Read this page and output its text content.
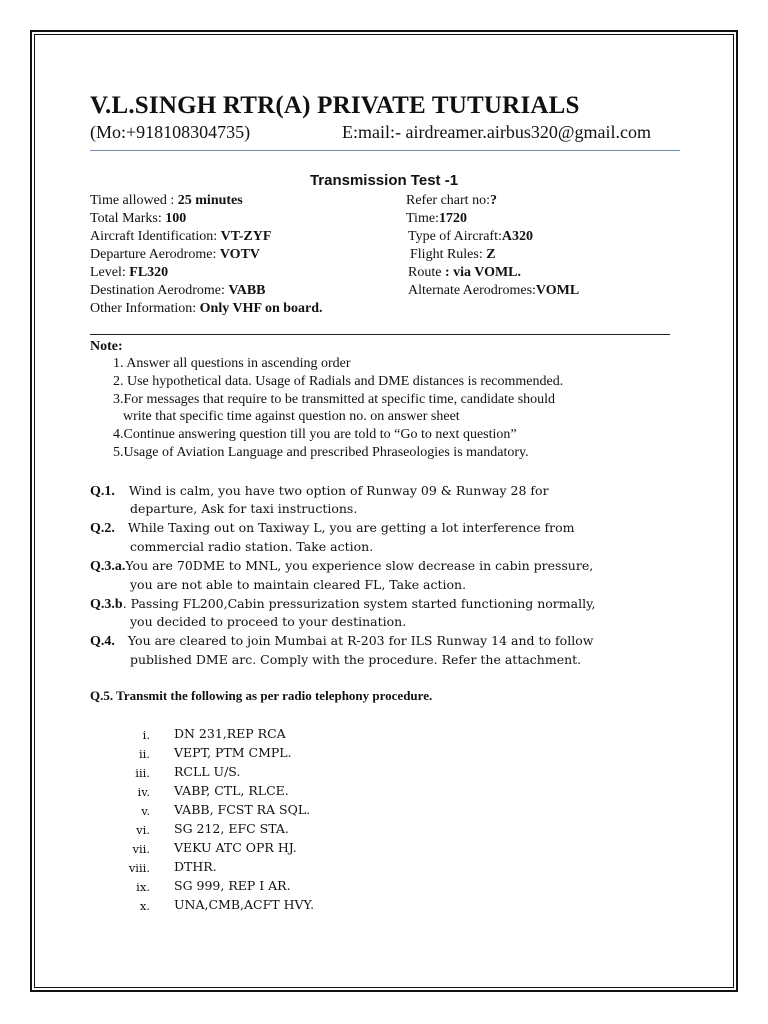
V.L.SINGH RTR(A) PRIVATE TUTURIALS
(Mo:+918108304735)	E:mail:- airdreamer.airbus320@gmail.com
Transmission Test -1
Time allowed : 25 minutes
Total Marks: 100
Aircraft Identification: VT-ZYF
Departure Aerodrome: VOTV
Level: FL320
Destination Aerodrome: VABB
Other Information: Only VHF on board.
Refer chart no:?
Time:1720
Type of Aircraft:A320
Flight Rules: Z
Route : via VOML.
Alternate Aerodromes:VOML
Note:
1. Answer all questions in ascending order
2. Use hypothetical data. Usage of Radials and DME distances is recommended.
3.For messages that require to be transmitted at specific time, candidate should
write that specific time against question no. on answer sheet
4.Continue answering question till you are told to “Go to next question”
5.Usage of Aviation Language and prescribed Phraseologies is mandatory.
Q.1. Wind is calm, you have two option of Runway 09 & Runway 28 for
departure, Ask for taxi instructions.
Q.2. While Taxing out on Taxiway L, you are getting a lot interference from
commercial radio station. Take action.
Q.3.a.You are 70DME to MNL, you experience slow decrease in cabin pressure,
you are not able to maintain cleared FL, Take action.
Q.3.b. Passing FL200,Cabin pressurization system started functioning normally,
you decided to proceed to your destination.
Q.4. You are cleared to join Mumbai at R-203 for ILS Runway 14 and to follow
published DME arc. Comply with the procedure. Refer the attachment.
Q.5. Transmit the following as per radio telephony procedure.
i. DN 231,REP RCA
ii. VEPT, PTM CMPL.
iii. RCLL U/S.
iv. VABP, CTL, RLCE.
v. VABB, FCST RA SQL.
vi. SG 212, EFC STA.
vii. VEKU ATC OPR HJ.
viii. DTHR.
ix. SG 999, REP I AR.
x. UNA,CMB,ACFT HVY.
